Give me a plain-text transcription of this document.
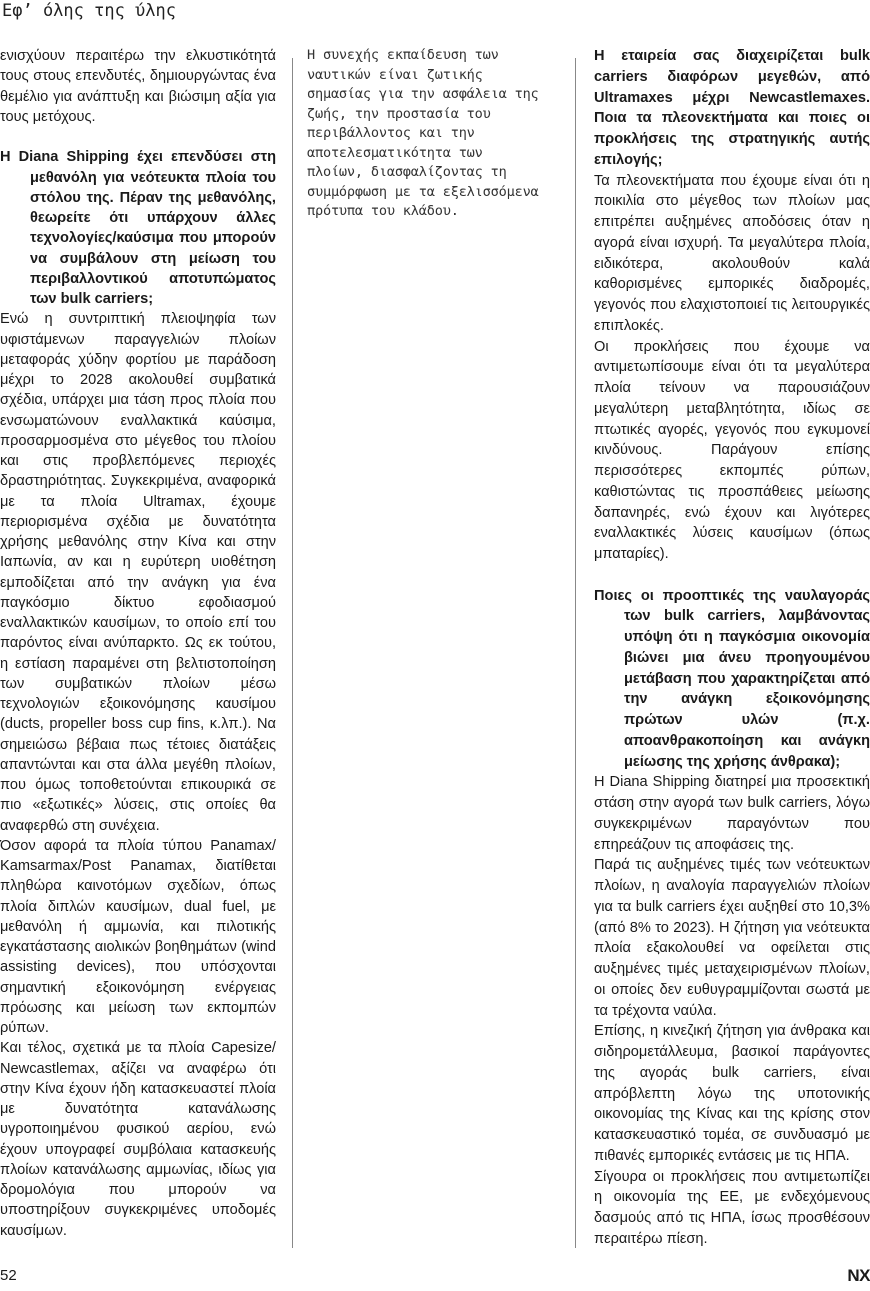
Εφ’ όλης της ύλης

ενισχύουν περαιτέρω την ελκυστικότητά τους στους επενδυτές, δημιουργώντας ένα θεμέλιο για ανάπτυξη και βιώσιμη αξία για τους μετόχους.

Η Diana Shipping έχει επενδύσει στη μεθανόλη για νεότευκτα πλοία του στόλου της. Πέραν της μεθανόλης, θεωρείτε ότι υπάρχουν άλλες τεχνολογίες/καύσιμα που μπορούν να συμβάλουν στη μείωση του περιβαλλοντικού αποτυπώματος των bulk carriers;

Ενώ η συντριπτική πλειοψηφία των υφιστάμενων παραγγελιών πλοίων μεταφοράς χύδην φορτίου με παράδοση μέχρι το 2028 ακολουθεί συμβατικά σχέδια, υπάρχει μια τάση προς πλοία που ενσωματώνουν εναλλακτικά καύσιμα, προσαρμοσμένα στο μέγεθος του πλοίου και στις προβλεπόμενες περιοχές δραστηριότητας. Συγκεκριμένα, αναφορικά με τα πλοία Ultramax, έχουμε περιορισμένα σχέδια με δυνατότητα χρήσης μεθανόλης στην Κίνα και στην Ιαπωνία, αν και η ευρύτερη υιοθέτηση εμποδίζεται από την ανάγκη για ένα παγκόσμιο δίκτυο εφοδιασμού εναλλακτικών καυσίμων, το οποίο επί του παρόντος είναι ανύπαρκτο. Ως εκ τούτου, η εστίαση παραμένει στη βελτιστοποίηση των συμβατικών πλοίων μέσω τεχνολογιών εξοικονόμησης καυσίμου (ducts, propeller boss cup fins, κ.λπ.). Να σημειώσω βέβαια πως τέτοιες διατάξεις απαντώνται και στα άλλα μεγέθη πλοίων, που όμως τοποθετούνται επικουρικά σε πιο «εξωτικές» λύσεις, στις οποίες θα αναφερθώ στη συνέχεια.

Όσον αφορά τα πλοία τύπου Panamax/ Kamsarmax/Post Panamax, διατίθεται πληθώρα καινοτόμων σχεδίων, όπως πλοία διπλών καυσίμων, dual fuel, με μεθανόλη ή αμμωνία, και πιλοτικής εγκατάστασης αιολικών βοηθημάτων (wind assisting devices), που υπόσχονται σημαντική εξοικονόμηση ενέργειας πρόωσης και μείωση των εκπομπών ρύπων.

Και τέλος, σχετικά με τα πλοία Capesize/ Newcastlemax, αξίζει να αναφέρω ότι στην Κίνα έχουν ήδη κατασκευαστεί πλοία με δυνατότητα κατανάλωσης υγροποιημένου φυσικού αερίου, ενώ έχουν υπογραφεί συμβόλαια κατασκευής πλοίων κατανάλωσης αμμωνίας, ιδίως για δρομολόγια που μπορούν να υποστηρίξουν συγκεκριμένες υποδομές καυσίμων.

Η συνεχής εκπαίδευση των ναυτικών είναι ζωτικής σημασίας για την ασφάλεια της ζωής, την προστασία του περιβάλλοντος και την αποτελεσματικότητα των πλοίων, διασφαλίζοντας τη συμμόρφωση με τα εξελισσόμενα πρότυπα του κλάδου.

Η εταιρεία σας διαχειρίζεται bulk carriers διαφόρων μεγεθών, από Ultramaxes μέχρι Newcastlemaxes. Ποια τα πλεονεκτήματα και ποιες οι προκλήσεις της στρατηγικής αυτής επιλογής;

Τα πλεονεκτήματα που έχουμε είναι ότι η ποικιλία στο μέγεθος των πλοίων μας επιτρέπει αυξημένες αποδόσεις όταν η αγορά είναι ισχυρή. Τα μεγαλύτερα πλοία, ειδικότερα, ακολουθούν καλά καθορισμένες εμπορικές διαδρομές, γεγονός που ελαχιστοποιεί τις λειτουργικές επιπλοκές.

Οι προκλήσεις που έχουμε να αντιμετωπίσουμε είναι ότι τα μεγαλύτερα πλοία τείνουν να παρουσιάζουν μεγαλύτερη μεταβλητότητα, ιδίως σε πτωτικές αγορές, γεγονός που εγκυμονεί κινδύνους. Παράγουν επίσης περισσότερες εκπομπές ρύπων, καθιστώντας τις προσπάθειες μείωσης δαπανηρές, ενώ έχουν και λιγότερες εναλλακτικές λύσεις καυσίμων (όπως μπαταρίες).

Ποιες οι προοπτικές της ναυλαγοράς των bulk carriers, λαμβάνοντας υπόψη ότι η παγκόσμια οικονομία βιώνει μια άνευ προηγουμένου μετάβαση που χαρακτηρίζεται από την ανάγκη εξοικονόμησης πρώτων υλών (π.χ. αποανθρακοποίηση και ανάγκη μείωσης της χρήσης άνθρακα);

Η Diana Shipping διατηρεί μια προσεκτική στάση στην αγορά των bulk carriers, λόγω συγκεκριμένων παραγόντων που επηρεάζουν τις αποφάσεις της.

Παρά τις αυξημένες τιμές των νεότευκτων πλοίων, η αναλογία παραγγελιών πλοίων για τα bulk carriers έχει αυξηθεί στο 10,3% (από 8% το 2023). Η ζήτηση για νεότευκτα πλοία εξακολουθεί να οφείλεται στις αυξημένες τιμές μεταχειρισμένων πλοίων, οι οποίες δεν ευθυγραμμίζονται σωστά με τα τρέχοντα ναύλα.

Επίσης, η κινεζική ζήτηση για άνθρακα και σιδηρομετάλλευμα, βασικοί παράγοντες της αγοράς bulk carriers, είναι απρόβλεπτη λόγω της υποτονικής οικονομίας της Κίνας και της κρίσης στον κατασκευαστικό τομέα, σε συνδυασμό με πιθανές εμπορικές εντάσεις με τις ΗΠΑ.

Σίγουρα οι προκλήσεις που αντιμετωπίζει η οικονομία της ΕΕ, με ενδεχόμενους δασμούς από τις ΗΠΑ, ίσως προσθέσουν περαιτέρω πίεση.

52	NX
